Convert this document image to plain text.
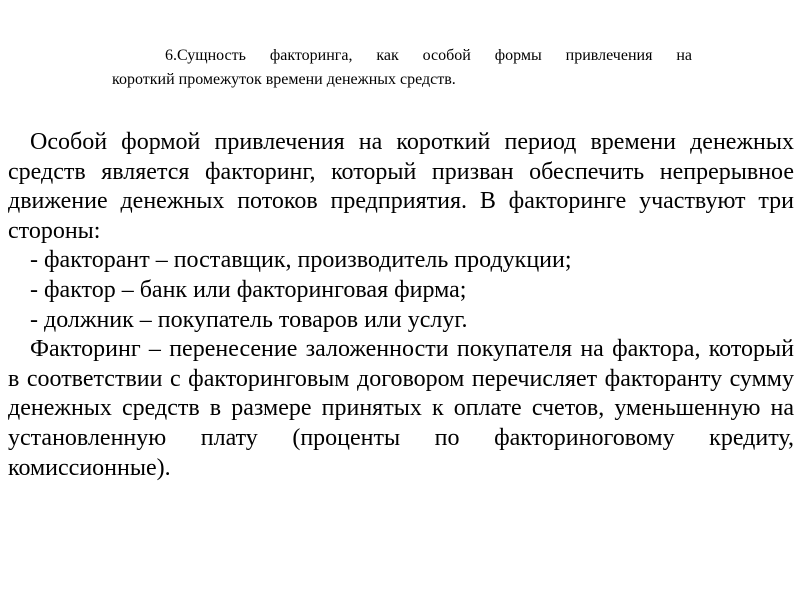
6.Сущность факторинга, как особой формы привлечения на
короткий промежуток времени денежных средств.

Особой формой привлечения на короткий период времени денежных средств является факторинг, который призван обеспечить непрерывное движение денежных потоков предприятия. В факторинге участвуют три стороны:

- факторант – поставщик, производитель продукции;

- фактор – банк или факторинговая фирма;

- должник – покупатель товаров или услуг.

Факторинг – перенесение заложенности покупателя на фактора, который в соответствии с факторинговым договором перечисляет факторанту сумму денежных средств в размере принятых к оплате счетов, уменьшенную на установленную плату (проценты по факториноговому кредиту, комиссионные).
